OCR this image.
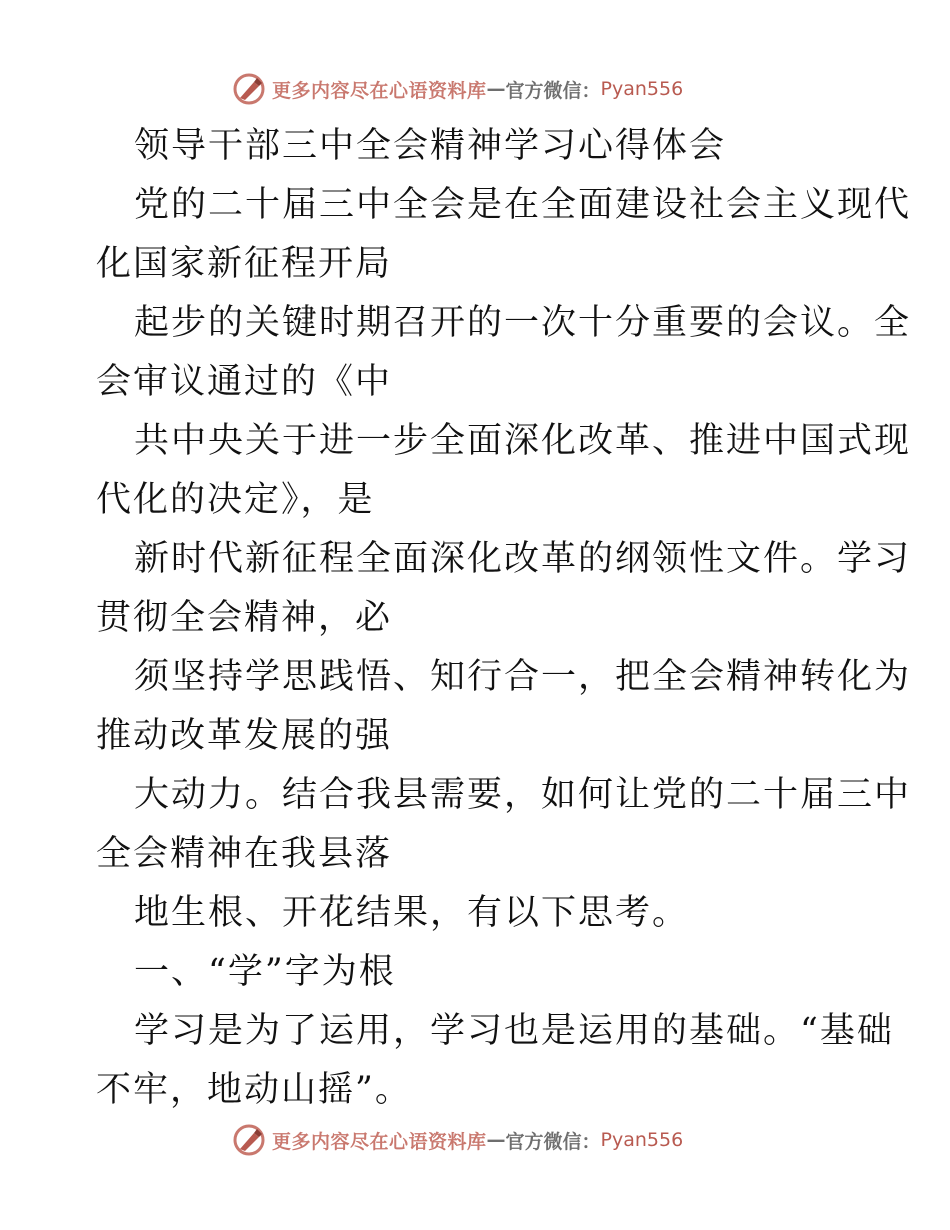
更多内容尽在心语资料库 — 官方微信： Pyan556
领导干部三中全会精神学习心得体会
党的二十届三中全会是在全面建设社会主义现代
化国家新征程开局
起步的关键时期召开的一次十分重要的会议。全
会审议通过的《中
共中央关于进一步全面深化改革、推进中国式现
代化的决定》，是
新时代新征程全面深化改革的纲领性文件。学习
贯彻全会精神，必
须坚持学思践悟、知行合一，把全会精神转化为
推动改革发展的强
大动力。结合我县需要，如何让党的二十届三中
全会精神在我县落
地生根、开花结果，有以下思考。
一、“学”字为根
学习是为了运用，学习也是运用的基础。“基础
不牢，地动山摇”。
更多内容尽在心语资料库 — 官方微信： Pyan556
